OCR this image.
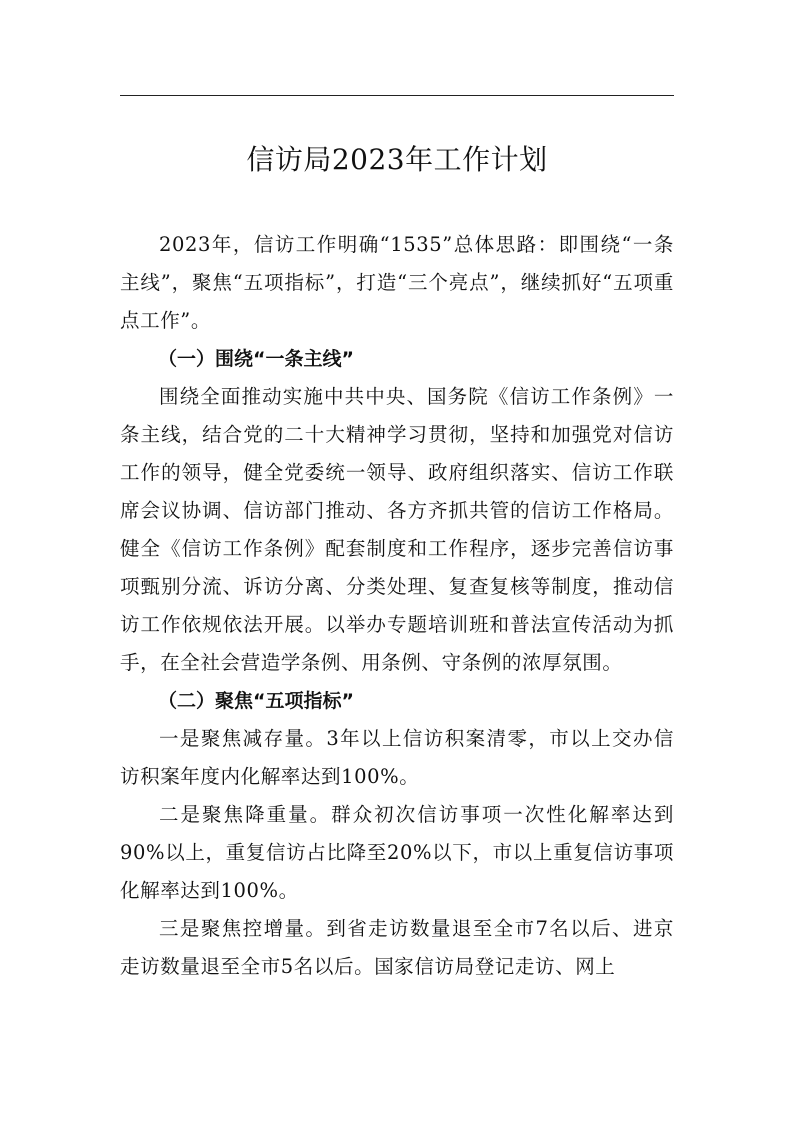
信访局2023年工作计划

2023年，信访工作明确“1535”总体思路：即围绕“一条主线”，聚焦“五项指标”，打造“三个亮点”，继续抓好“五项重点工作”。

（一）围绕“一条主线”

围绕全面推动实施中共中央、国务院《信访工作条例》一条主线，结合党的二十大精神学习贯彻，坚持和加强党对信访工作的领导，健全党委统一领导、政府组织落实、信访工作联席会议协调、信访部门推动、各方齐抓共管的信访工作格局。健全《信访工作条例》配套制度和工作程序，逐步完善信访事项甄别分流、诉访分离、分类处理、复查复核等制度，推动信访工作依规依法开展。以举办专题培训班和普法宣传活动为抓手，在全社会营造学条例、用条例、守条例的浓厚氛围。

（二）聚焦“五项指标”

一是聚焦减存量。3年以上信访积案清零，市以上交办信访积案年度内化解率达到100%。

二是聚焦降重量。群众初次信访事项一次性化解率达到90%以上，重复信访占比降至20%以下，市以上重复信访事项化解率达到100%。

三是聚焦控增量。到省走访数量退至全市7名以后、进京走访数量退至全市5名以后。国家信访局登记走访、网上
